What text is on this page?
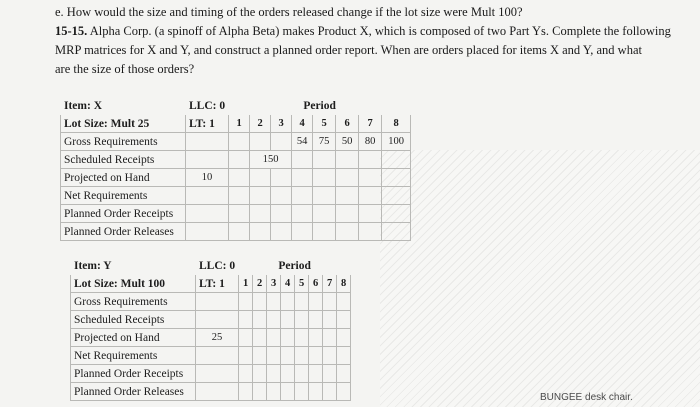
e. How would the size and timing of the orders released change if the lot size were Mult 100?
15-15. Alpha Corp. (a spinoff of Alpha Beta) makes Product X, which is composed of two Part Ys. Complete the following
MRP matrices for X and Y, and construct a planned order report. When are orders placed for items X and Y, and what
are the size of those orders?
Item: X	LLC: 0	Period							
Lot Size: Mult 25	LT: 1	1	2	3	4	5	6	7	8
Gross Requirements					54	75	50	80	100
Scheduled Receipts			150						
Projected on Hand	10								
Net Requirements									
Planned Order Receipts									
Planned Order Releases									
Item: Y	LLC: 0	Period							
Lot Size: Mult 100	LT: 1	1	2	3	4	5	6	7	8
Gross Requirements									
Scheduled Receipts									
Projected on Hand	25								
Net Requirements									
Planned Order Receipts									
Planned Order Releases										BUNGEE desk chair.
